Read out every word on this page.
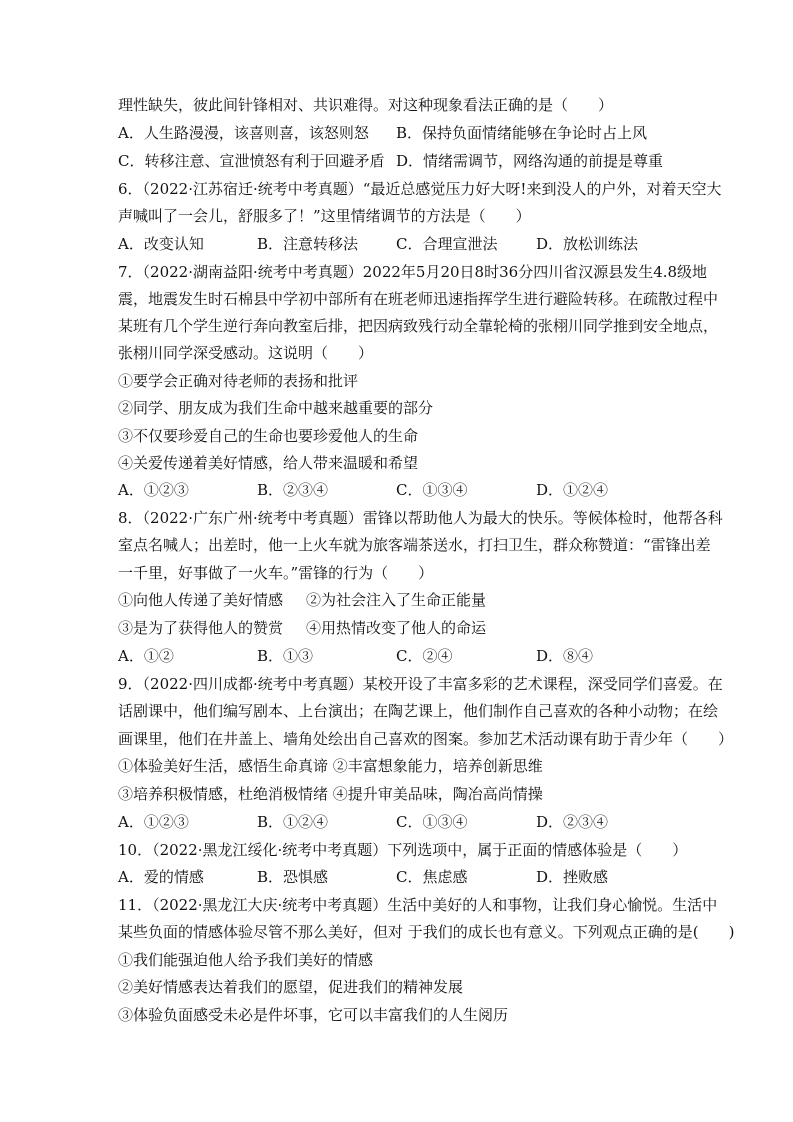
理性缺失，彼此间针锋相对、共识难得。对这种现象看法正确的是（　　）
A．人生路漫漫，该喜则喜，该怒则怒 B．保持负面情绪能够在争论时占上风
C．转移注意、宣泄愤怒有利于回避矛盾 D．情绪需调节，网络沟通的前提是尊重
6．（2022·江苏宿迁·统考中考真题）“最近总感觉压力好大呀!来到没人的户外，对着天空大
声喊叫了一会儿，舒服多了！”这里情绪调节的方法是（　　）
A．改变认知	B．注意转移法	C．合理宣泄法	D．放松训练法
7．（2022·湖南益阳·统考中考真题）2022年5月20日8时36分四川省汉源县发生4.8级地
震，地震发生时石棉县中学初中部所有在班老师迅速指挥学生进行避险转移。在疏散过程中
某班有几个学生逆行奔向教室后排，把因病致残行动全靠轮椅的张栩川同学推到安全地点，
张栩川同学深受感动。这说明（　　）
①要学会正确对待老师的表扬和批评
②同学、朋友成为我们生命中越来越重要的部分
③不仅要珍爱自己的生命也要珍爱他人的生命
④关爱传递着美好情感，给人带来温暖和希望
A．①②③	B．②③④	C．①③④	D．①②④
8．（2022·广东广州·统考中考真题）雷锋以帮助他人为最大的快乐。等候体检时，他帮各科
室点名喊人；出差时，他一上火车就为旅客端茶送水，打扫卫生，群众称赞道：“雷锋出差
一千里，好事做了一火车。”雷锋的行为（　　）
①向他人传递了美好情感 ②为社会注入了生命正能量
③是为了获得他人的赞赏 ④用热情改变了他人的命运
A．①②	B．①③	C．②④	D．⑧④
9．（2022·四川成都·统考中考真题）某校开设了丰富多彩的艺术课程，深受同学们喜爱。在
话剧课中，他们编写剧本、上台演出；在陶艺课上，他们制作自己喜欢的各种小动物；在绘
画课里，他们在井盖上、墙角处绘出自己喜欢的图案。参加艺术活动课有助于青少年（　　）
①体验美好生活，感悟生命真谛 ②丰富想象能力，培养创新思维
③培养积极情感，杜绝消极情绪 ④提升审美品味，陶冶高尚情操
A．①②③	B．①②④	C．①③④	D．②③④
10．（2022·黑龙江绥化·统考中考真题）下列选项中，属于正面的情感体验是（　　）
A．爱的情感	B．恐惧感	C．焦虑感	D．挫败感
11．（2022·黑龙江大庆·统考中考真题）生活中美好的人和事物，让我们身心愉悦。生活中
某些负面的情感体验尽管不那么美好，但对 于我们的成长也有意义。下列观点正确的是(　　)
①我们能强迫他人给予我们美好的情感
②美好情感表达着我们的愿望，促进我们的精神发展
③体验负面感受未必是件坏事，它可以丰富我们的人生阅历
